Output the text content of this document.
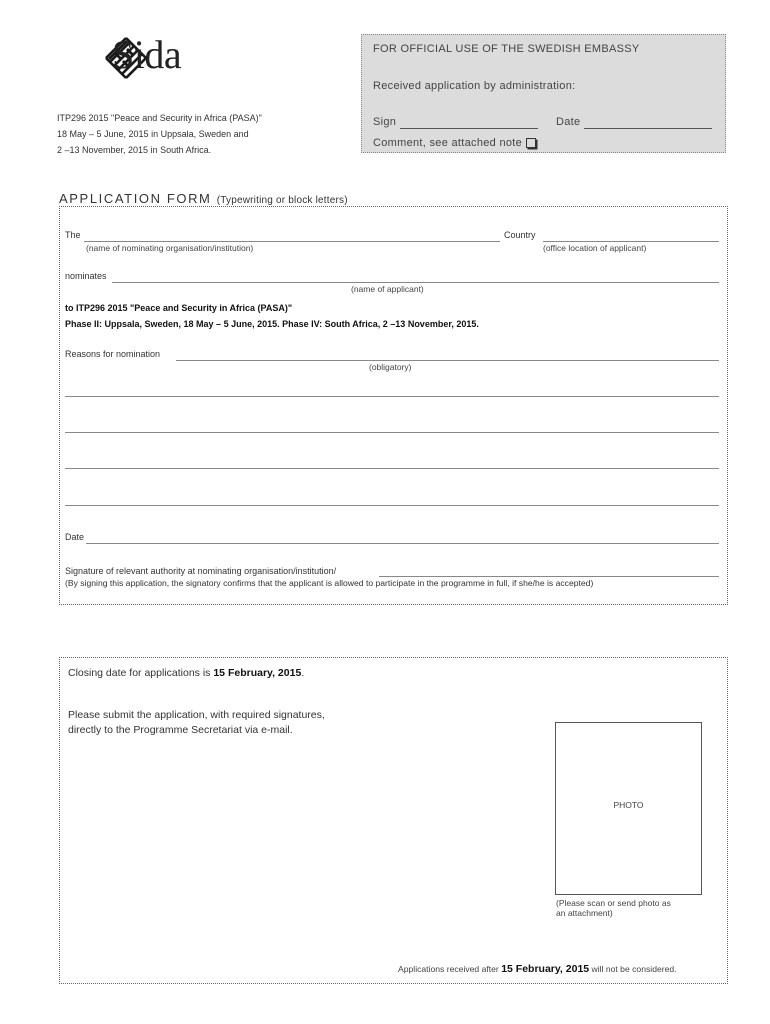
Sida
ITP296 2015 "Peace and Security in Africa (PASA)"
18 May – 5 June, 2015 in Uppsala, Sweden and
2 –13 November, 2015 in South Africa.
FOR OFFICIAL USE OF THE SWEDISH EMBASSY
Received application by administration:
Sign	Date
Comment, see attached note
APPLICATION FORM (Typewriting or block letters)
The	Country
(name of nominating organisation/institution)	(office location of applicant)
nominates
(name of applicant)
to ITP296 2015 "Peace and Security in Africa (PASA)"
Phase II: Uppsala, Sweden, 18 May – 5 June, 2015. Phase IV: South Africa, 2 –13 November, 2015.
Reasons for nomination
(obligatory)
Date
Signature of relevant authority at nominating organisation/institution/
(By signing this application, the signatory confirms that the applicant is allowed to participate in the programme in full, if she/he is accepted)
Closing date for applications is 15 February, 2015.
Please submit the application, with required signatures,
directly to the Programme Secretariat via e-mail.
PHOTO
(Please scan or send photo as
an attachment)
Applications received after 15 February, 2015 will not be considered.
